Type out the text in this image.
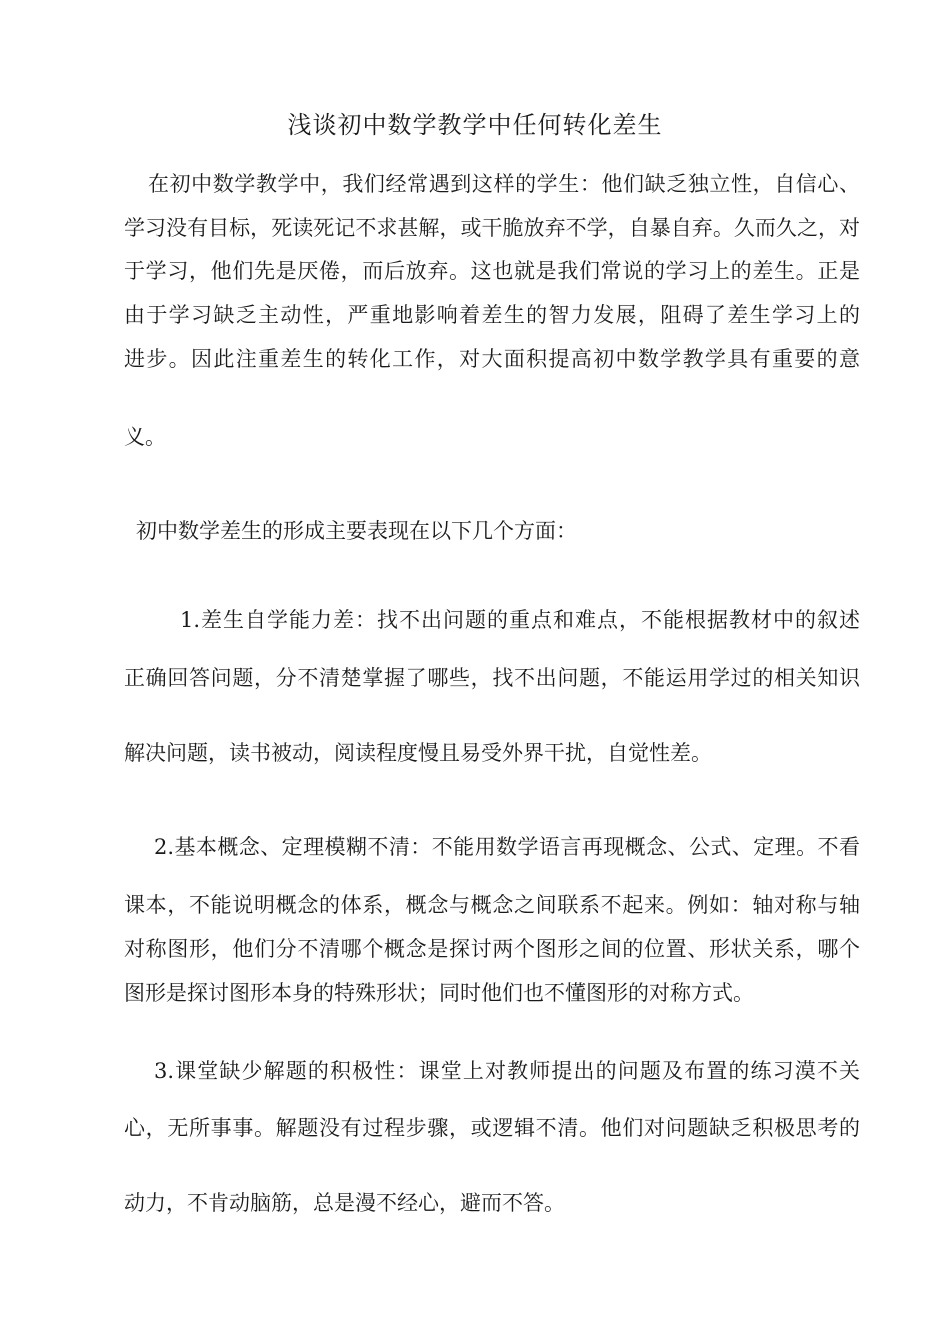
浅谈初中数学教学中任何转化差生
在初中数学教学中，我们经常遇到这样的学生：他们缺乏独立性，自信心、
学习没有目标，死读死记不求甚解，或干脆放弃不学，自暴自弃。久而久之，对
于学习，他们先是厌倦，而后放弃。这也就是我们常说的学习上的差生。正是
由于学习缺乏主动性，严重地影响着差生的智力发展，阻碍了差生学习上的
进步。因此注重差生的转化工作，对大面积提高初中数学教学具有重要的意
义。
初中数学差生的形成主要表现在以下几个方面：
1.差生自学能力差：找不出问题的重点和难点，不能根据教材中的叙述
正确回答问题，分不清楚掌握了哪些，找不出问题，不能运用学过的相关知识
解决问题，读书被动，阅读程度慢且易受外界干扰，自觉性差。
2.基本概念、定理模糊不清：不能用数学语言再现概念、公式、定理。不看
课本，不能说明概念的体系，概念与概念之间联系不起来。例如：轴对称与轴
对称图形，他们分不清哪个概念是探讨两个图形之间的位置、形状关系，哪个
图形是探讨图形本身的特殊形状；同时他们也不懂图形的对称方式。
3.课堂缺少解题的积极性：课堂上对教师提出的问题及布置的练习漠不关
心，无所事事。解题没有过程步骤，或逻辑不清。他们对问题缺乏积极思考的
动力，不肯动脑筋，总是漫不经心，避而不答。
